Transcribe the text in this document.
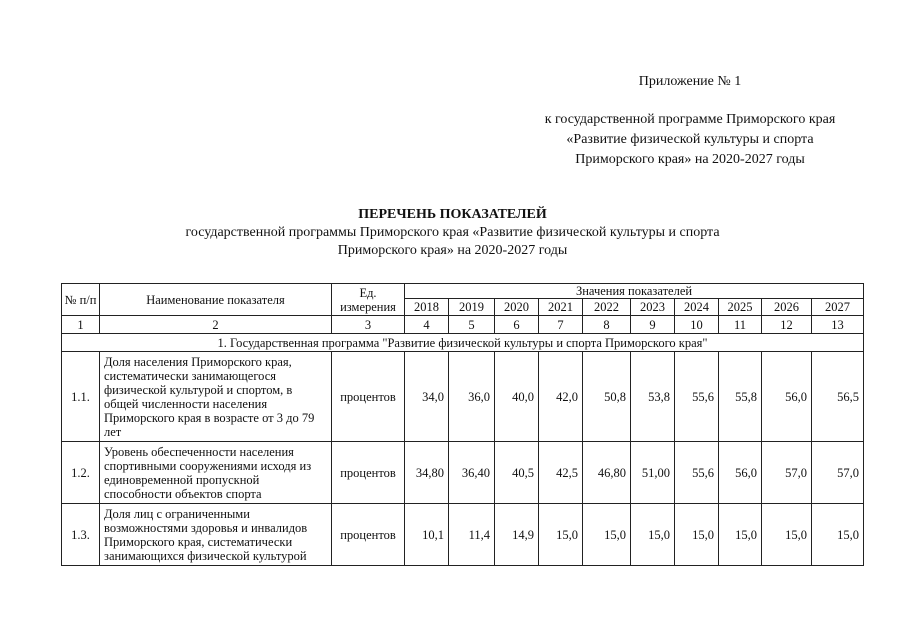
Приложение № 1
к государственной программе Приморского края
«Развитие физической культуры и спорта
Приморского края» на 2020-2027 годы
ПЕРЕЧЕНЬ ПОКАЗАТЕЛЕЙ
государственной программы Приморского края «Развитие физической культуры и спорта
Приморского края» на 2020-2027 годы
№ п/п	Наименование показателя	Ед. измерения	Значения показателей									
			2018	2019	2020	2021	2022	2023	2024	2025	2026	2027
1	2	3	4	5	6	7	8	9	10	11	12	13
1. Государственная программа "Развитие физической культуры и спорта Приморского края"												
1.1.	Доля населения Приморского края, систематически занимающегося физической культурой и спортом, в общей численности населения Приморского края в возрасте от 3 до 79 лет	процентов	34,0	36,0	40,0	42,0	50,8	53,8	55,6	55,8	56,0	56,5
1.2.	Уровень обеспеченности населения спортивными сооружениями исходя из единовременной пропускной способности объектов спорта	процентов	34,80	36,40	40,5	42,5	46,80	51,00	55,6	56,0	57,0	57,0
1.3.	Доля лиц с ограниченными возможностями здоровья и инвалидов Приморского края, систематически занимающихся физической культурой	процентов	10,1	11,4	14,9	15,0	15,0	15,0	15,0	15,0	15,0	15,0
